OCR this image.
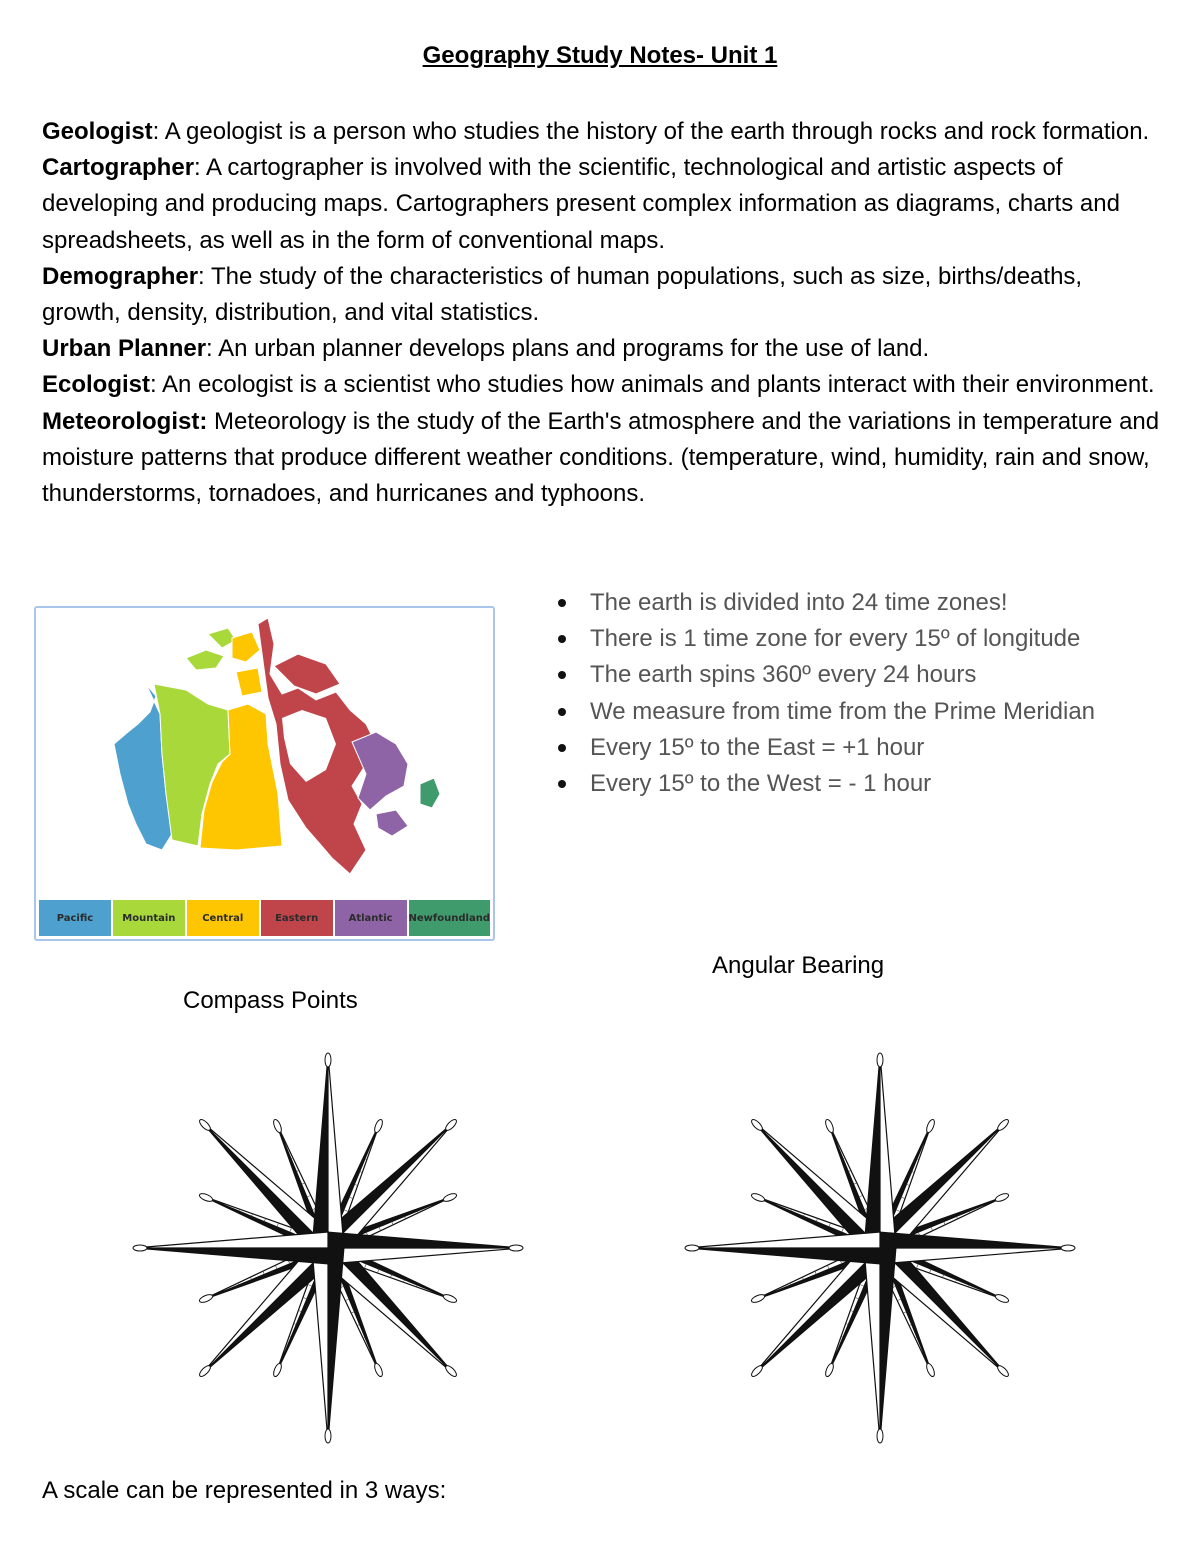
Geography Study Notes- Unit 1

Geologist: A geologist is a person who studies the history of the earth through rocks and rock formation.

Cartographer: A cartographer is involved with the scientific, technological and artistic aspects of developing and producing maps. Cartographers present complex information as diagrams, charts and spreadsheets, as well as in the form of conventional maps.

Demographer: The study of the characteristics of human populations, such as size, births/deaths, growth, density, distribution, and vital statistics.

Urban Planner: An urban planner develops plans and programs for the use of land.

Ecologist: An ecologist is a scientist who studies how animals and plants interact with their environment.

Meteorologist: Meteorology is the study of the Earth's atmosphere and the variations in temperature and moisture patterns that produce different weather conditions. (temperature, wind, humidity, rain and snow, thunderstorms, tornadoes, and hurricanes and typhoons.

Pacific	Mountain	Central	Eastern	Atlantic	Newfoundland
The earth is divided into 24 time zones!
There is 1 time zone for every 15º of longitude
The earth spins 360º every 24 hours
We measure from time from the Prime Meridian
Every 15º to the East = +1 hour
Every 15º to the West = - 1 hour
Angular Bearing
Compass Points
A scale can be represented in 3 ways:
